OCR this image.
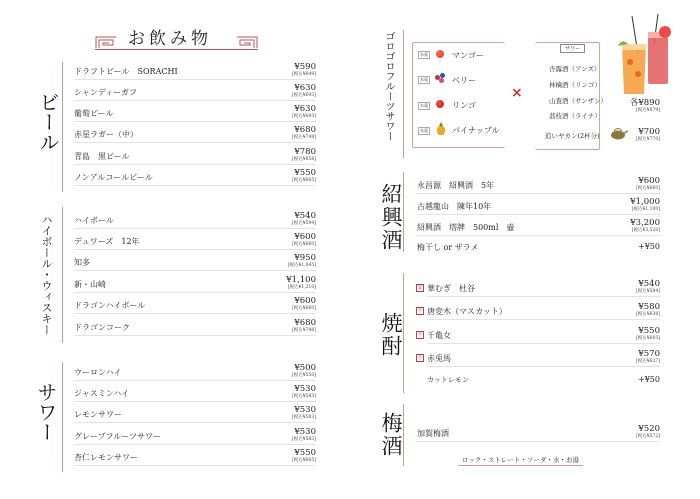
お飲み物
ビール
ハイボール・ウィスキー
サワー
ゴロゴロフルーツサワー	氷菓	マンゴー
氷菓	ベリー
氷菓	リンゴ
氷菓	パイナップル
×
サワー
杏露酒（アンズ）
林檎酒（リンゴ）
山査酒（サンザシ）
茘枝酒（ライチ）
各¥890
[税込¥979]
追いヤカン(2杯分)	¥700
[税込¥770]
紹興酒
焼酎
梅酒
ロック・ストレート・ソーダ・水・お湯
ドラフトビール　SORACHI	¥590
[税込¥649]
シャンディーガフ	¥630
[税込¥693]
葡萄ビール	¥630
[税込¥693]
赤星ラガー（中）	¥680
[税込¥748]
青島　黒ビール	¥780
[税込¥858]
ノンアルコールビール	¥550
[税込¥605]
ハイボール	¥540
[税込¥594]
デュワーズ　12年	¥600
[税込¥660]
知多	¥950
[税込¥1,045]
新・山崎	¥1,100
[税込¥1,210]
ドラゴンハイボール	¥600
[税込¥660]
ドラゴンコーク	¥680
[税込¥748]
ウーロンハイ	¥500
[税込¥550]
ジャスミンハイ	¥530
[税込¥583]
レモンサワー	¥530
[税込¥583]
グレープフルーツサワー	¥530
[税込¥583]
杏仁レモンサワー	¥550
[税込¥605]
永昌源　紹興酒　5年	¥600
[税込¥660]
古越龍山　陳年10年	¥1,000
[税込¥1,100]
紹興酒　塔牌　500ml　壷	¥3,200
[税込¥3,520]
梅干し or ザラメ	+¥50
華むぎ　杜谷	¥540
[税込¥594]
麦
唐変木（マスカット）	¥580
[税込¥638]
芋
千亀女	¥550
[税込¥605]
芋
赤兎馬	¥570
[税込¥627]
芋
カットレモン	+¥50
加賀梅酒	¥520
[税込¥572]
